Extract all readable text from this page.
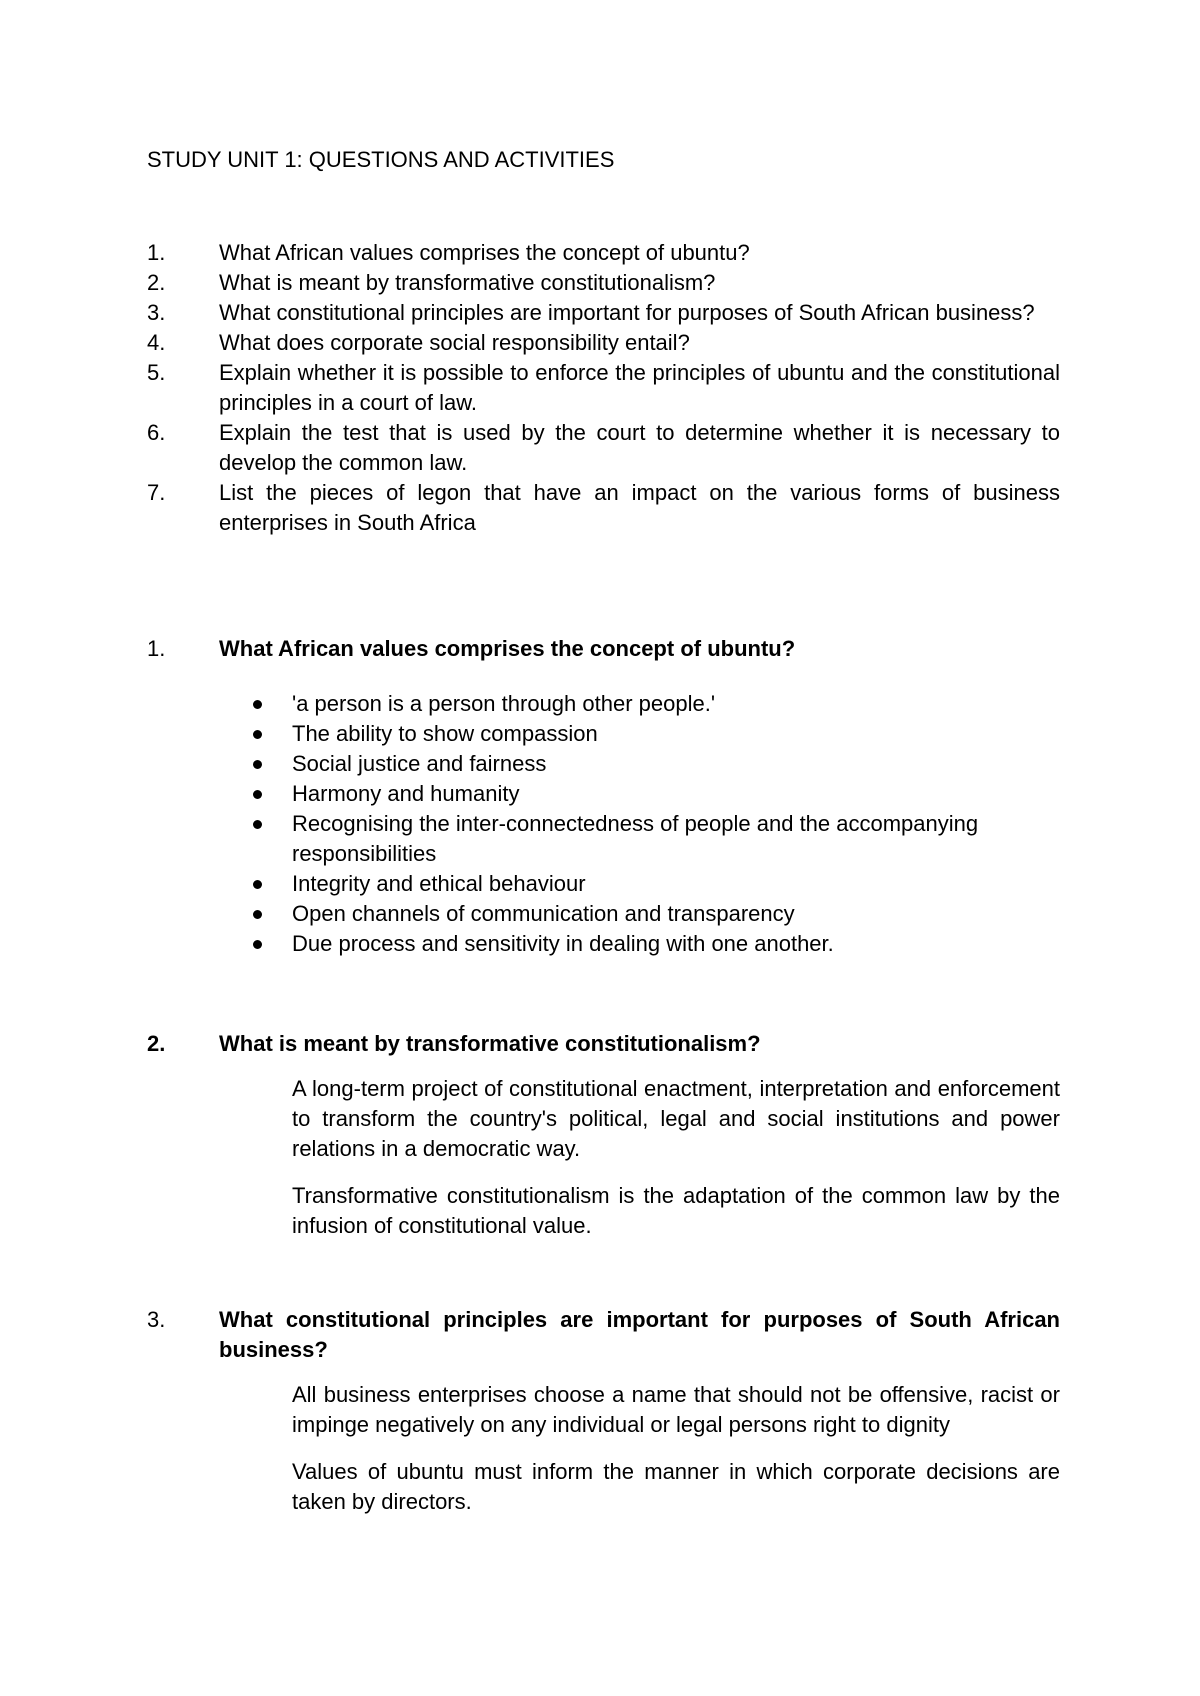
STUDY UNIT 1: QUESTIONS AND ACTIVITIES
1.	What African values comprises the concept of ubuntu?
2.	What is meant by transformative constitutionalism?
3.	What constitutional principles are important for purposes of South African business?
4.	What does corporate social responsibility entail?
5.	Explain whether it is possible to enforce the principles of ubuntu and the constitutional principles in a court of law.
6.	Explain the test that is used by the court to determine whether it is necessary to develop the common law.
7.	List the pieces of legon that have an impact on the various forms of business enterprises in South Africa
1.	What African values comprises the concept of ubuntu?
'a person is a person through other people.'
The ability to show compassion
Social justice and fairness
Harmony and humanity
Recognising the inter-connectedness of people and the accompanying responsibilities
Integrity and ethical behaviour
Open channels of communication and transparency
Due process and sensitivity in dealing with one another.
2.	What is meant by transformative constitutionalism?

A long-term project of constitutional enactment, interpretation and enforcement to transform the country's political, legal and social institutions and power relations in a democratic way.

Transformative constitutionalism is the adaptation of the common law by the infusion of constitutional value.

3.	What constitutional principles are important for purposes of South African business?

All business enterprises choose a name that should not be offensive, racist or impinge negatively on any individual or legal persons right to dignity

Values of ubuntu must inform the manner in which corporate decisions are taken by directors.
